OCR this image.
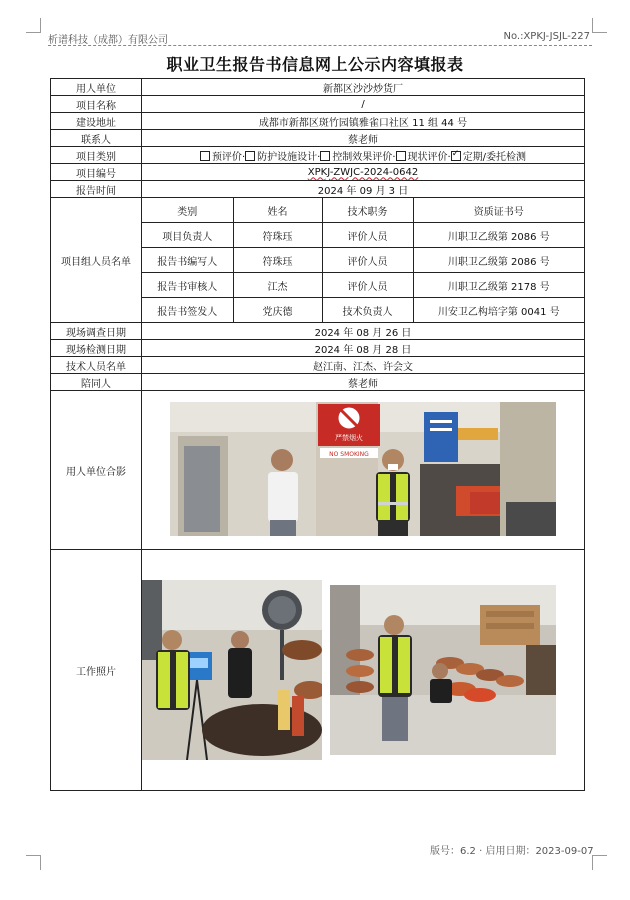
析谱科技（成都）有限公司	No.:XPKJ-JSJL-227
职业卫生报告书信息网上公示内容填报表
用人单位	新都区沙沙炒货厂
项目名称	/
建设地址	成都市新都区斑竹园镇雅雀口社区 11 组 44 号
联系人	蔡老师
项目类别	预评价· 防护设施设计· 控制效果评价· 现状评价·✓ 定期/委托检测
项目编号	XPKJ-ZWJC-2024-0642
报告时间	2024 年 09 月 3 日
项目组人员名单	
类别	姓名	技术职务	资质证书号
项目负责人	符珠珏	评价人员	川职卫乙级第 2086 号
报告书编写人	符珠珏	评价人员	川职卫乙级第 2086 号
报告书审核人	江杰	评价人员	川职卫乙级第 2178 号
报告书签发人	党庆德	技术负责人	川安卫乙构培字第 0041 号

现场调查日期	2024 年 08 月 26 日
现场检测日期	2024 年 08 月 28 日
技术人员名单	赵江南、江杰、许会文
陪同人	蔡老师
用人单位合影	
严禁烟火
NO SMOKING

工作照片	
版号：6.2 · 启用日期：2023-09-07
